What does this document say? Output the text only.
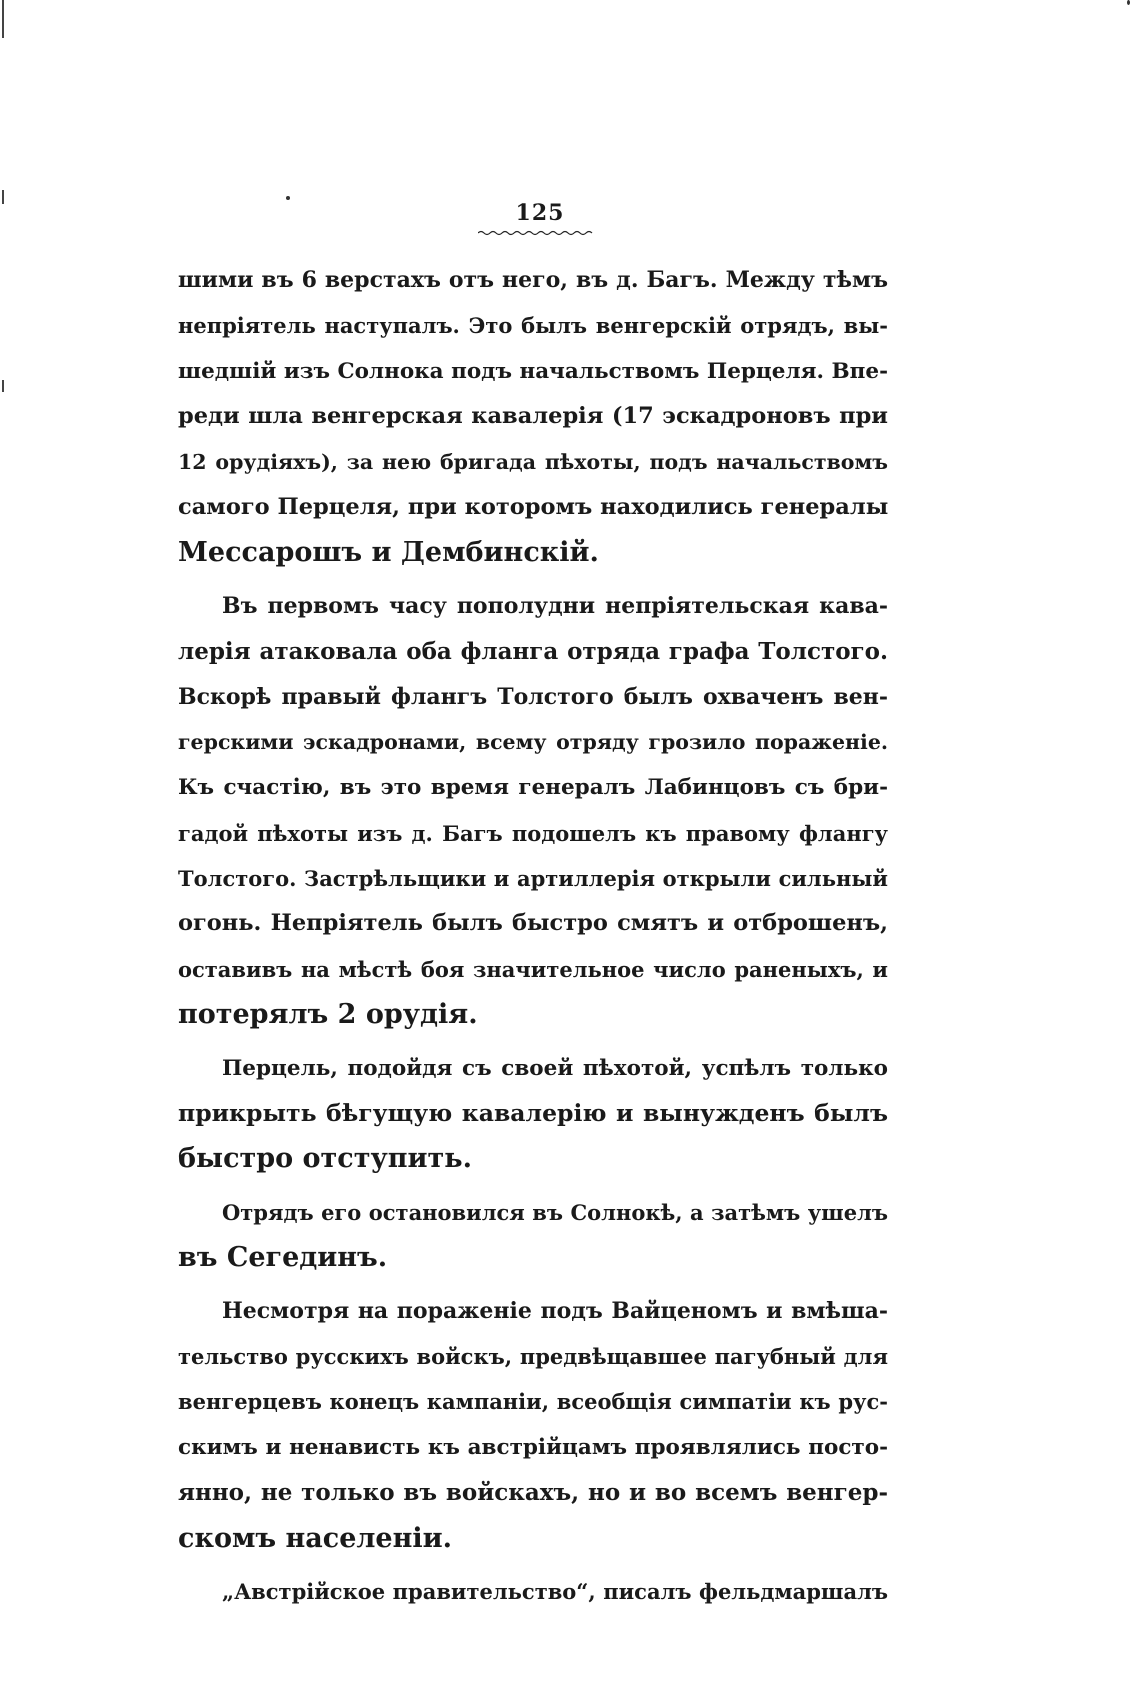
125
шими въ 6 верстахъ отъ него, въ д. Багъ. Между тѣмъ
непріятель наступалъ. Это былъ венгерскій отрядъ, вы-
шедшій изъ Солнока подъ начальствомъ Перцеля. Впе-
реди шла венгерская кавалерія (17 эскадроновъ при
12 орудіяхъ), за нею бригада пѣхоты, подъ начальствомъ
самого Перцеля, при которомъ находились генералы
Мессарошъ и Дембинскій.
Въ первомъ часу пополудни непріятельская кава-
лерія атаковала оба фланга отряда графа Толстого.
Вскорѣ правый флангъ Толстого былъ охваченъ вен-
герскими эскадронами, всему отряду грозило пораженіе.
Къ счастію, въ это время генералъ Лабинцовъ съ бри-
гадой пѣхоты изъ д. Багъ подошелъ къ правому флангу
Толстого. Застрѣльщики и артиллерія открыли сильный
огонь. Непріятель былъ быстро смятъ и отброшенъ,
оставивъ на мѣстѣ боя значительное число раненыхъ, и
потерялъ 2 орудія.
Перцель, подойдя съ своей пѣхотой, успѣлъ только
прикрыть бѣгущую кавалерію и вынужденъ былъ
быстро отступить.
Отрядъ его остановился въ Солнокѣ, а затѣмъ ушелъ
въ Сегединъ.
Несмотря на пораженіе подъ Вайценомъ и вмѣша-
тельство русскихъ войскъ, предвѣщавшее пагубный для
венгерцевъ конецъ кампаніи, всеобщія симпатіи къ рус-
скимъ и ненависть къ австрійцамъ проявлялись посто-
янно, не только въ войскахъ, но и во всемъ венгер-
скомъ населеніи.
„Австрійское правительство“, писалъ фельдмаршалъ
